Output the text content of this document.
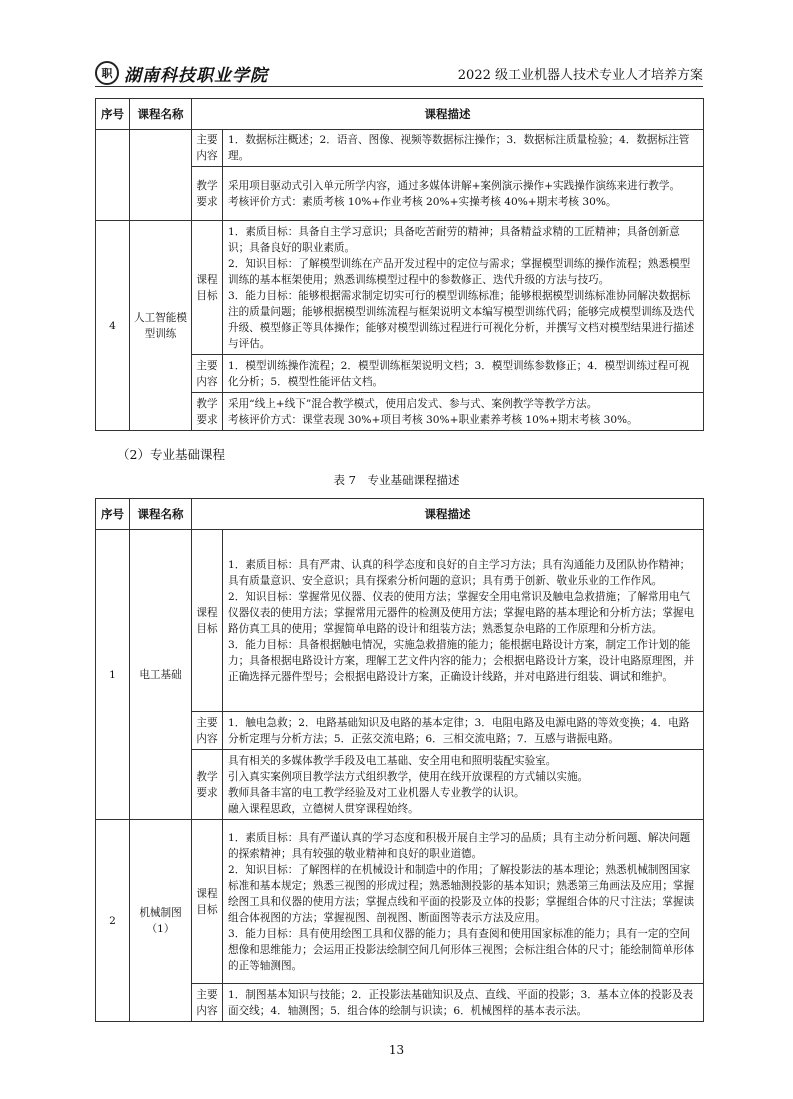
职 湖南科技职业学院	2022 级工业机器人技术专业人才培养方案
序号	课程名称	课程描述	
		主要内容	1．数据标注概述；2．语音、图像、视频等数据标注操作；3．数据标注质量检验；4．数据标注管理。
		教学要求	采用项目驱动式引入单元所学内容，通过多媒体讲解+案例演示操作+实践操作演练来进行教学。
考核评价方式：素质考核 10%+作业考核 20%+实操考核 40%+期末考核 30%。

4	人工智能模型训练	课程目标	1．素质目标：具备自主学习意识；具备吃苦耐劳的精神；具备精益求精的工匠精神；具备创新意识；具备良好的职业素质。
2．知识目标：了解模型训练在产品开发过程中的定位与需求；掌握模型训练的操作流程；熟悉模型训练的基本框架使用；熟悉训练模型过程中的参数修正、迭代升级的方法与技巧。
3．能力目标：能够根据需求制定切实可行的模型训练标准；能够根据模型训练标准协同解决数据标注的质量问题；能够根据模型训练流程与框架说明文本编写模型训练代码；能够完成模型训练及迭代升级、模型修正等具体操作；能够对模型训练过程进行可视化分析，并撰写文档对模型结果进行描述与评估。

		主要内容	1．模型训练操作流程；2．模型训练框架说明文档；3．模型训练参数修正；4．模型训练过程可视化分析；5．模型性能评估文档。
		教学要求	采用“线上+线下”混合教学模式，使用启发式、参与式、案例教学等教学方法。
考核评价方式：课堂表现 30%+项目考核 30%+职业素养考核 10%+期末考核 30%。
（2）专业基础课程
表 7　专业基础课程描述
序号	课程名称	课程描述	
1	电工基础	课程目标	1．素质目标：具有严肃、认真的科学态度和良好的自主学习方法；具有沟通能力及团队协作精神；具有质量意识、安全意识；具有探索分析问题的意识；具有勇于创新、敬业乐业的工作作风。
2．知识目标：掌握常见仪器、仪表的使用方法；掌握安全用电常识及触电急救措施；了解常用电气仪器仪表的使用方法；掌握常用元器件的检测及使用方法；掌握电路的基本理论和分析方法；掌握电路仿真工具的使用；掌握简单电路的设计和组装方法；熟悉复杂电路的工作原理和分析方法。
3．能力目标：具备根据触电情况，实施急救措施的能力；能根据电路设计方案，制定工作计划的能力；具备根据电路设计方案，理解工艺文件内容的能力；会根据电路设计方案，设计电路原理图，并正确选择元器件型号；会根据电路设计方案，正确设计线路，并对电路进行组装、调试和维护。

		主要内容	1．触电急救；2．电路基础知识及电路的基本定律；3．电阻电路及电源电路的等效变换；4．电路分析定理与分析方法；5．正弦交流电路；6．三相交流电路；7．互感与谐振电路。
		教学要求	具有相关的多媒体教学手段及电工基础、安全用电和照明装配实验室。
引入真实案例项目教学法方式组织教学，使用在线开放课程的方式辅以实施。
教师具备丰富的电工教学经验及对工业机器人专业教学的认识。
融入课程思政，立德树人贯穿课程始终。

2	机械制图（1）	课程目标	1．素质目标：具有严谨认真的学习态度和积极开展自主学习的品质；具有主动分析问题、解决问题的探索精神；具有较强的敬业精神和良好的职业道德。
2．知识目标：了解图样的在机械设计和制造中的作用；了解投影法的基本理论；熟悉机械制图国家标准和基本规定；熟悉三视图的形成过程；熟悉轴测投影的基本知识；熟悉第三角画法及应用；掌握绘图工具和仪器的使用方法；掌握点线和平面的投影及立体的投影；掌握组合体的尺寸注法；掌握读组合体视图的方法；掌握视图、剖视图、断面图等表示方法及应用。
3．能力目标：具有使用绘图工具和仪器的能力；具有查阅和使用国家标准的能力；具有一定的空间想像和思维能力；会运用正投影法绘制空间几何形体三视图；会标注组合体的尺寸；能绘制简单形体的正等轴测图。

		主要内容	1．制图基本知识与技能；2．正投影法基础知识及点、直线、平面的投影；3．基本立体的投影及表面交线；4．轴测图；5．组合体的绘制与识读；6．机械图样的基本表示法。
13
